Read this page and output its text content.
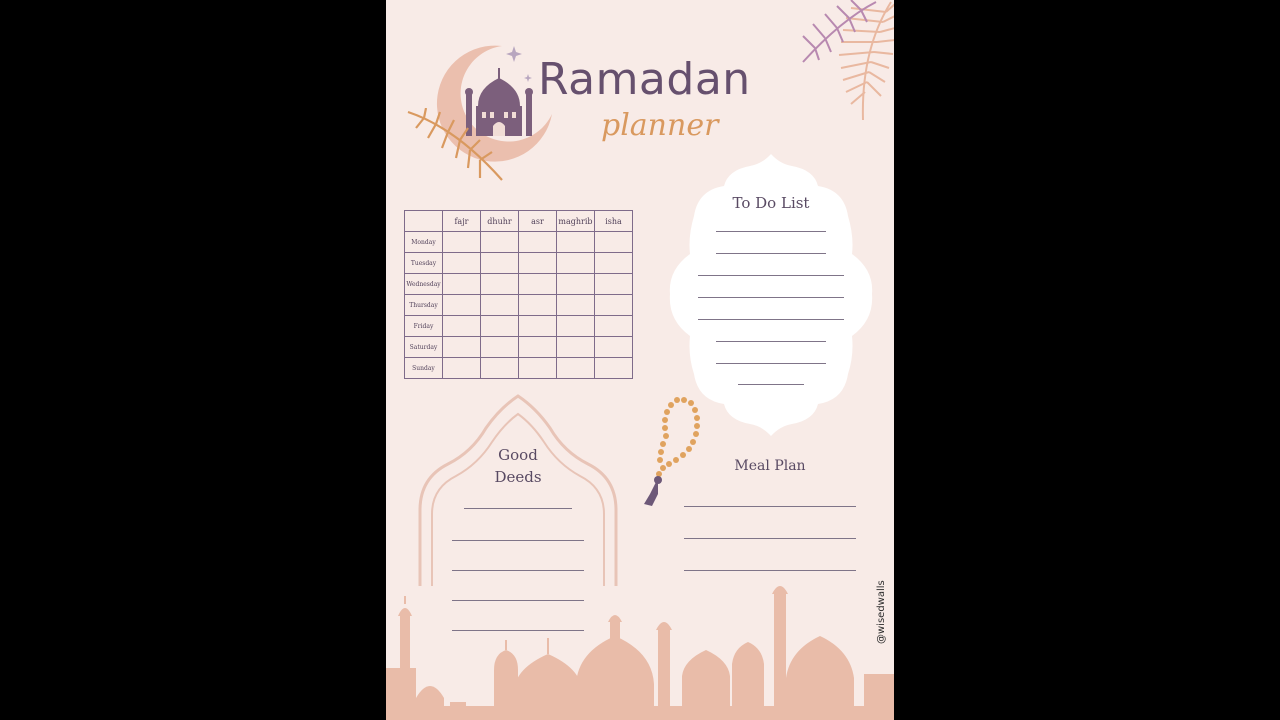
Ramadan
planner
	fajr	dhuhr	asr	maghrib	isha
Monday					
Tuesday					
Wednesday					
Thursday					
Friday					
Saturday					
Sunday					
To Do List
Good
Deeds
Meal Plan
@wisedwalls
